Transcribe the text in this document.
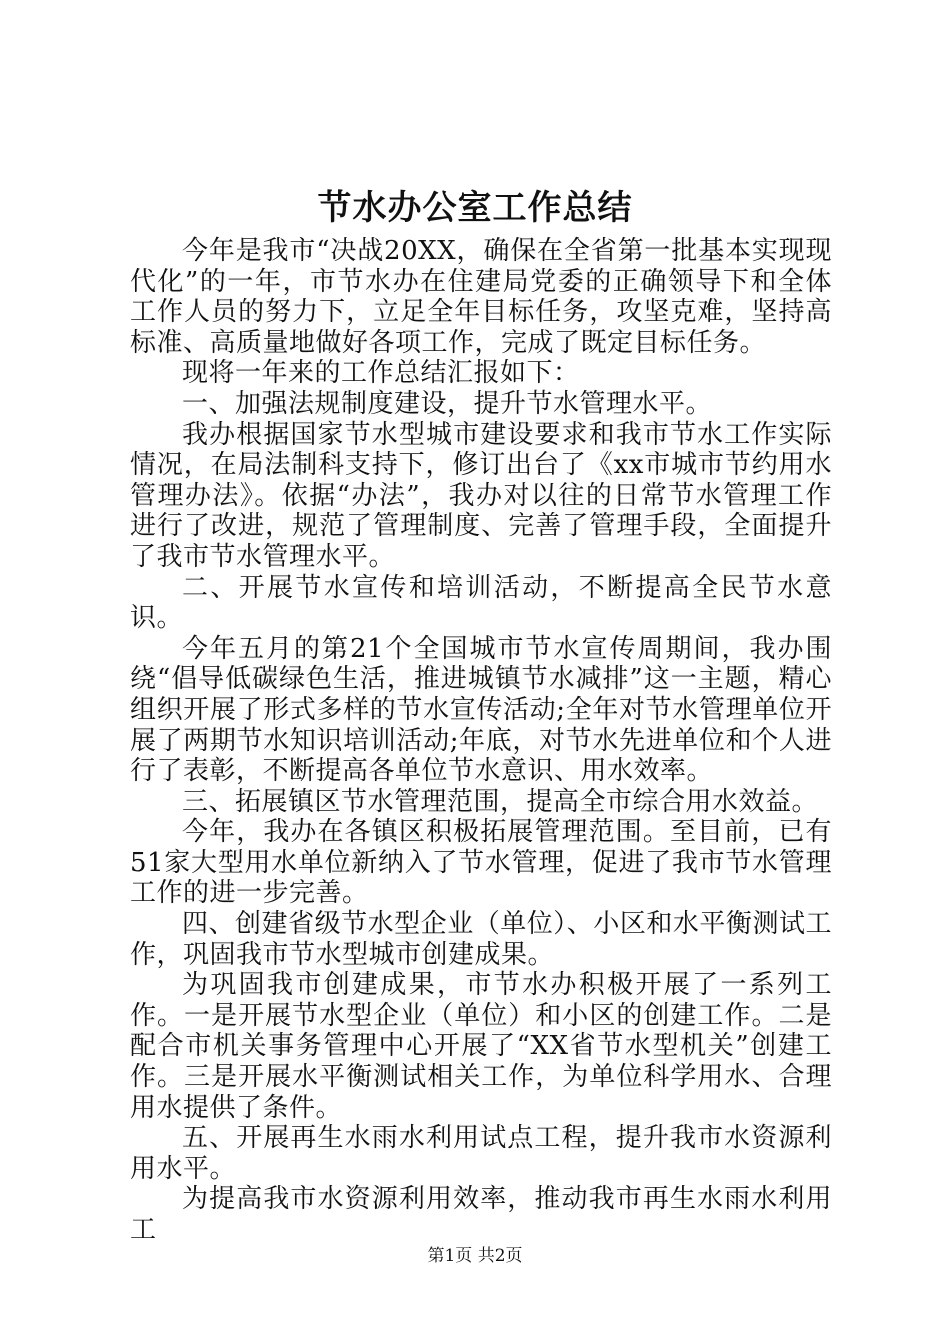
节水办公室工作总结

今年是我市“决战20XX，确保在全省第一批基本实现现代化”的一年，市节水办在住建局党委的正确领导下和全体工作人员的努力下，立足全年目标任务，攻坚克难，坚持高标准、高质量地做好各项工作，完成了既定目标任务。

现将一年来的工作总结汇报如下：

一、加强法规制度建设，提升节水管理水平。

我办根据国家节水型城市建设要求和我市节水工作实际情况，在局法制科支持下，修订出台了《xx市城市节约用水管理办法》。依据“办法”，我办对以往的日常节水管理工作进行了改进，规范了管理制度、完善了管理手段，全面提升了我市节水管理水平。

二、开展节水宣传和培训活动，不断提高全民节水意识。

今年五月的第21个全国城市节水宣传周期间，我办围绕“倡导低碳绿色生活，推进城镇节水减排”这一主题，精心组织开展了形式多样的节水宣传活动;全年对节水管理单位开展了两期节水知识培训活动;年底，对节水先进单位和个人进行了表彰，不断提高各单位节水意识、用水效率。

三、拓展镇区节水管理范围，提高全市综合用水效益。

今年，我办在各镇区积极拓展管理范围。至目前，已有51家大型用水单位新纳入了节水管理，促进了我市节水管理工作的进一步完善。

四、创建省级节水型企业（单位）、小区和水平衡测试工作，巩固我市节水型城市创建成果。

为巩固我市创建成果，市节水办积极开展了一系列工作。一是开展节水型企业（单位）和小区的创建工作。二是配合市机关事务管理中心开展了“XX省节水型机关”创建工作。三是开展水平衡测试相关工作，为单位科学用水、合理用水提供了条件。

五、开展再生水雨水利用试点工程，提升我市水资源利用水平。

为提高我市水资源利用效率，推动我市再生水雨水利用工

第1页 共2页
